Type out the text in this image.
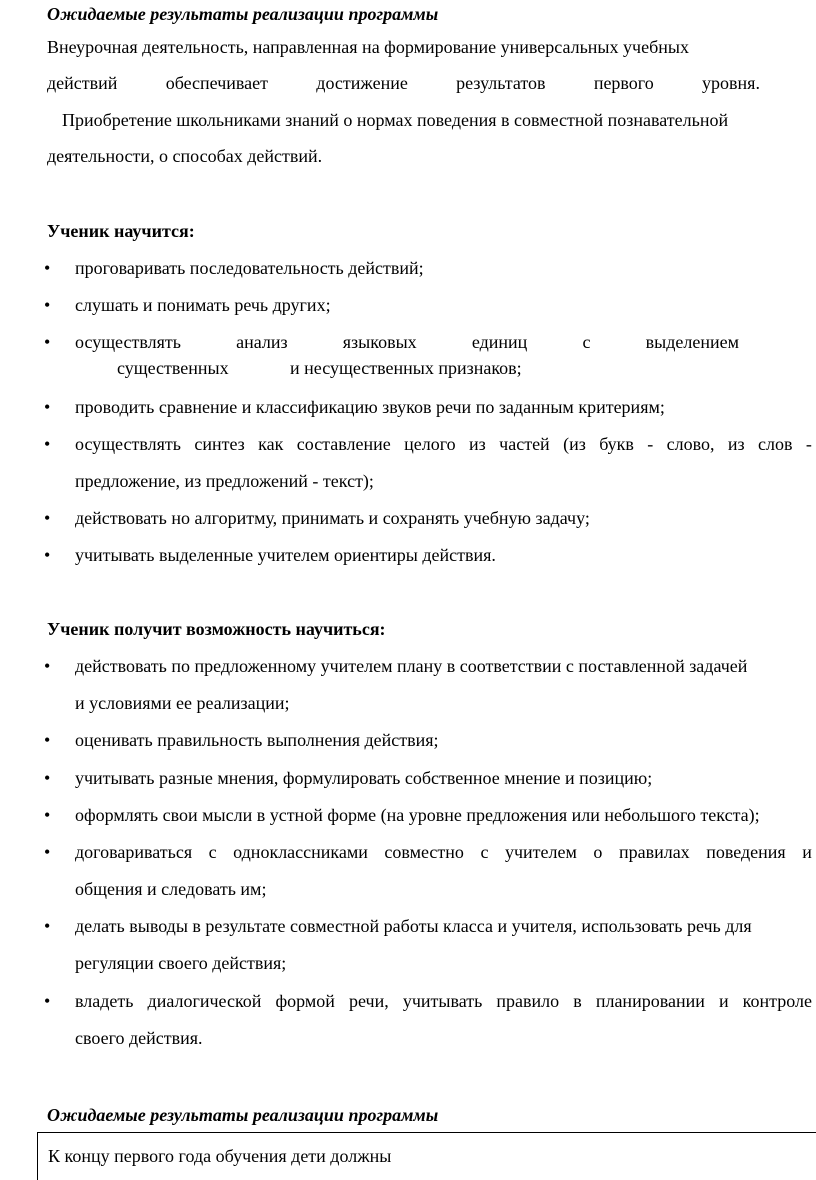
Ожидаемые результаты реализации программы
Внеурочная деятельность, направленная на формирование универсальных учебных
действий	обеспечивает	достижение	результатов	первого	уровня.
Приобретение школьниками знаний о нормах поведения в совместной познавательной
деятельности, о способах действий.
Ученик научится:
• проговаривать последовательность действий;
• слушать и понимать речь других;
• осуществлять	анализ	языковых	единиц	с	выделением
существенных	и несущественных признаков;
• проводить сравнение и классификацию звуков речи по заданным критериям;
• осуществлять синтез как составление целого из частей (из букв - слово, из слов -
предложение, из предложений - текст);
• действовать но алгоритму, принимать и сохранять учебную задачу;
• учитывать выделенные учителем ориентиры действия.
Ученик получит возможность научиться:
• действовать по предложенному учителем плану в соответствии с поставленной задачей
и условиями ее реализации;
• оценивать правильность выполнения действия;
• учитывать разные мнения, формулировать собственное мнение и позицию;
• оформлять свои мысли в устной форме (на уровне предложения или небольшого текста);
• договариваться с одноклассниками совместно с учителем о правилах поведения и
общения и следовать им;
• делать выводы в результате совместной работы класса и учителя, использовать речь для
регуляции своего действия;
• владеть диалогической формой речи, учитывать правило в планировании и контроле
своего действия.
Ожидаемые результаты реализации программы
К концу первого года обучения дети должны
